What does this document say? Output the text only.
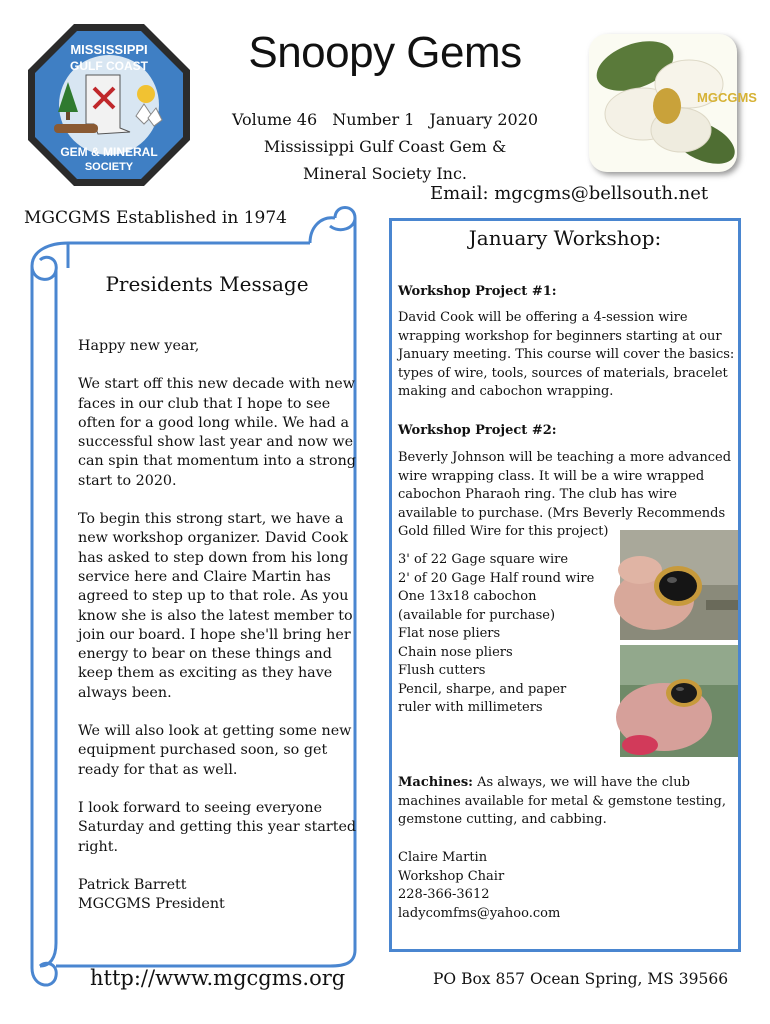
MISSISSIPPI
GULF COAST
GEM & MINERAL
SOCIETY
Snoopy Gems
Volume 46 Number 1 January 2020
Mississippi Gulf Coast Gem &
Mineral Society Inc.
MGCGMS
Email: mgcgms@bellsouth.net
MGCGMS Established in 1974
Presidents Message

Happy new year,

We start off this new decade with new faces in our club that I hope to see often for a good long while. We had a successful show last year and now we can spin that momentum into a strong start to 2020.

To begin this strong start, we have a new workshop organizer. David Cook has asked to step down from his long service here and Claire Martin has agreed to step up to that role. As you know she is also the latest member to join our board. I hope she'll bring her energy to bear on these things and keep them as exciting as they have always been.

We will also look at getting some new equipment purchased soon, so get ready for that as well.

I look forward to seeing everyone Saturday and getting this year started right.

Patrick Barrett

MGCGMS President

January Workshop:
Workshop Project #1:
David Cook will be offering a 4-session wire wrapping workshop for beginners starting at our January meeting. This course will cover the basics: types of wire, tools, sources of materials, bracelet making and cabochon wrapping.
Workshop Project #2:
Beverly Johnson will be teaching a more advanced wire wrapping class. It will be a wire wrapped cabochon Pharaoh ring. The club has wire available to purchase. (Mrs Beverly Recommends Gold filled Wire for this project)
3' of 22 Gage square wire
2' of 20 Gage Half round wire
One 13x18 cabochon
(available for purchase)
Flat nose pliers
Chain nose pliers
Flush cutters
Pencil, sharpe, and paper
ruler with millimeters
Machines: As always, we will have the club machines available for metal & gemstone testing, gemstone cutting, and cabbing.
Claire Martin
Workshop Chair
228-366-3612
ladycomfms@yahoo.com
http://www.mgcgms.org	PO Box 857 Ocean Spring, MS 39566
